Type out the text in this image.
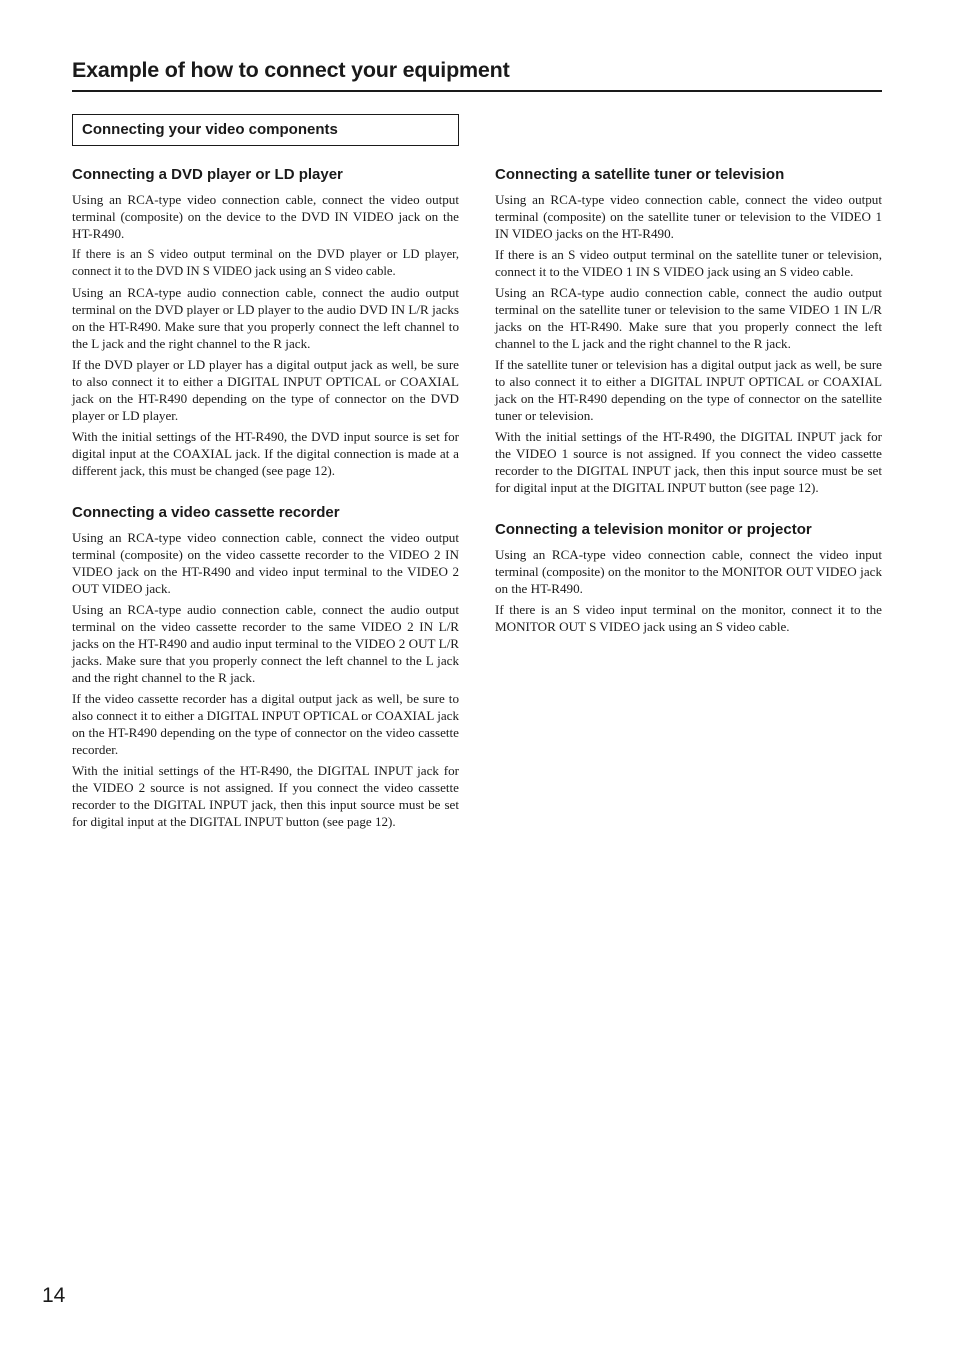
Example of how to connect your equipment
Connecting your video components
Connecting a DVD player or LD player

Using an RCA-type video connection cable, connect the video output terminal (composite) on the device to the DVD IN VIDEO jack on the HT-R490.

If there is an S video output terminal on the DVD player or LD player, connect it to the DVD IN S VIDEO jack using an S video cable.

Using an RCA-type audio connection cable, connect the audio output terminal on the DVD player or LD player to the audio DVD IN L/R jacks on the HT-R490. Make sure that you properly connect the left channel to the L jack and the right channel to the R jack.

If the DVD player or LD player has a digital output jack as well, be sure to also connect it to either a DIGITAL INPUT OPTICAL or COAXIAL jack on the HT-R490 depending on the type of connector on the DVD player or LD player.

With the initial settings of the HT-R490, the DVD input source is set for digital input at the COAXIAL jack. If the digital connection is made at a different jack, this must be changed (see page 12).

Connecting a video cassette recorder

Using an RCA-type video connection cable, connect the video output terminal (composite) on the video cassette recorder to the VIDEO 2 IN VIDEO jack on the HT-R490 and video input terminal to the VIDEO 2 OUT VIDEO jack.

Using an RCA-type audio connection cable, connect the audio output terminal on the video cassette recorder to the same VIDEO 2 IN L/R jacks on the HT-R490 and audio input terminal to the VIDEO 2 OUT L/R jacks. Make sure that you properly connect the left channel to the L jack and the right channel to the R jack.

If the video cassette recorder has a digital output jack as well, be sure to also connect it to either a DIGITAL INPUT OPTICAL or COAXIAL jack on the HT-R490 depending on the type of connector on the video cassette recorder.

With the initial settings of the HT-R490, the DIGITAL INPUT jack for the VIDEO 2 source is not assigned. If you connect the video cassette recorder to the DIGITAL INPUT jack, then this input source must be set for digital input at the DIGITAL INPUT button (see page 12).

Connecting a satellite tuner or television

Using an RCA-type video connection cable, connect the video output terminal (composite) on the satellite tuner or television to the VIDEO 1 IN VIDEO jacks on the HT-R490.

If there is an S video output terminal on the satellite tuner or television, connect it to the VIDEO 1 IN S VIDEO jack using an S video cable.

Using an RCA-type audio connection cable, connect the audio output terminal on the satellite tuner or television to the same VIDEO 1 IN L/R jacks on the HT-R490. Make sure that you properly connect the left channel to the L jack and the right channel to the R jack.

If the satellite tuner or television has a digital output jack as well, be sure to also connect it to either a DIGITAL INPUT OPTICAL or COAXIAL jack on the HT-R490 depending on the type of connector on the satellite tuner or television.

With the initial settings of the HT-R490, the DIGITAL INPUT jack for the VIDEO 1 source is not assigned. If you connect the video cassette recorder to the DIGITAL INPUT jack, then this input source must be set for digital input at the DIGITAL INPUT button (see page 12).

Connecting a television monitor or projector

Using an RCA-type video connection cable, connect the video input terminal (composite) on the monitor to the MONITOR OUT VIDEO jack on the HT-R490.

If there is an S video input terminal on the monitor, connect it to the MONITOR OUT S VIDEO jack using an S video cable.

14
